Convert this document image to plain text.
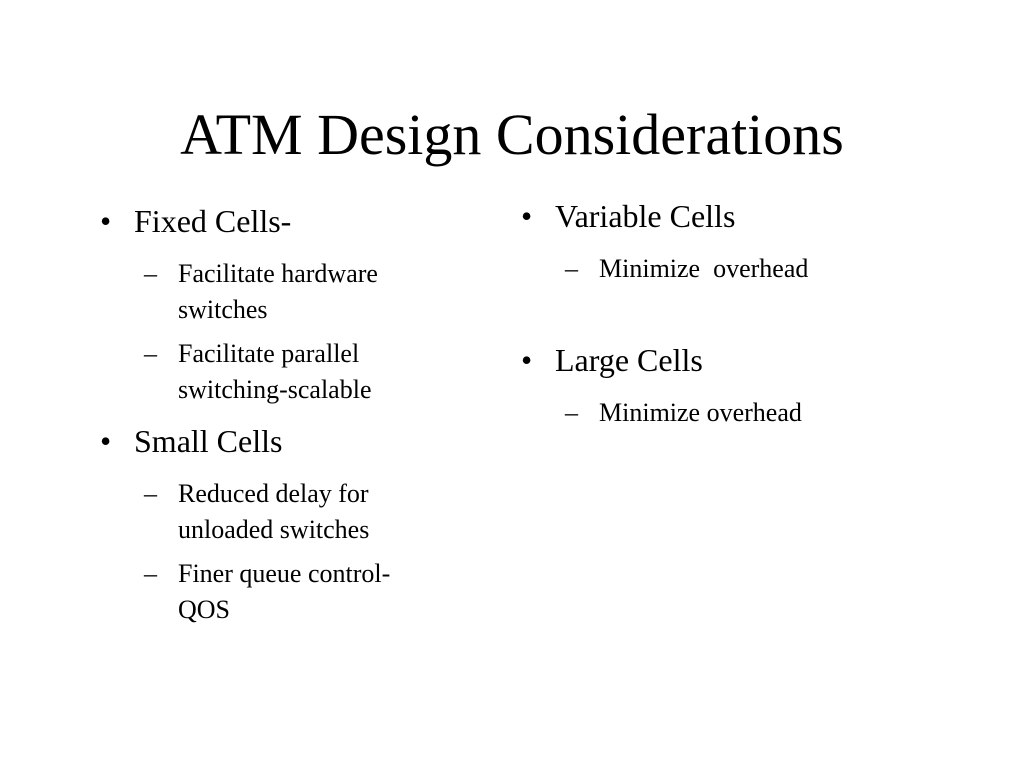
ATM Design Considerations
• Fixed Cells-
– Facilitate hardware
switches
– Facilitate parallel
switching-scalable
• Small Cells
– Reduced delay for
unloaded switches
– Finer queue control-
QOS
• Variable Cells
– Minimize  overhead
• Large Cells
– Minimize overhead
